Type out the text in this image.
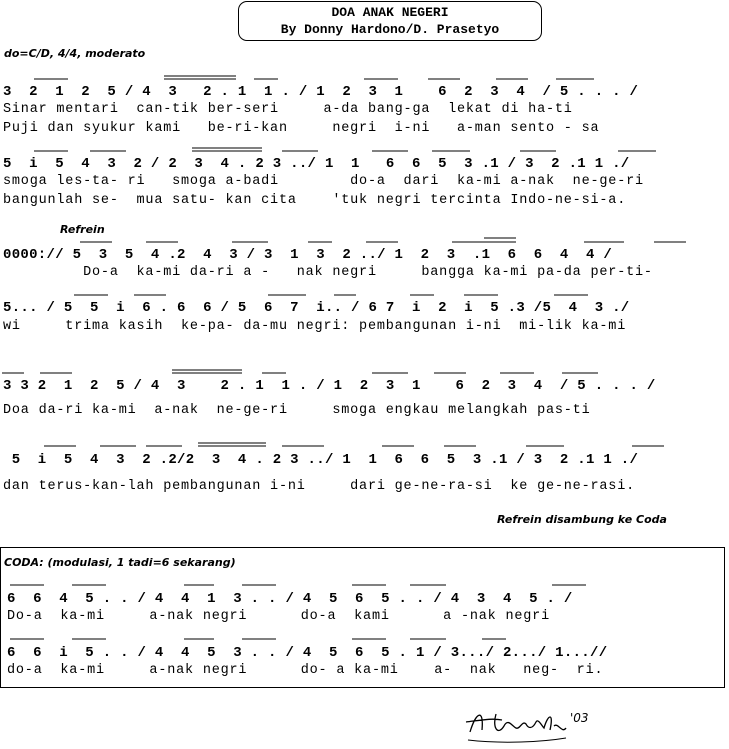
DOA ANAK NEGERI
By Donny Hardono/D. Prasetyo
do=C/D, 4/4, moderato
3  2  1  2  5 / 4  3   2 . 1  1 . / 1  2  3  1    6  2  3  4  / 5 . . . /
Sinar mentari  can-tik ber-seri     a-da bang-ga  lekat di ha-ti
Puji dan syukur kami   be-ri-kan     negri  i-ni   a-man sento - sa
5  i  5  4  3  2 / 2  3  4 . 2 3 ../ 1  1   6  6  5  3 .1 / 3  2 .1 1 ./
smoga les-ta- ri   smoga a-badi        do-a  dari  ka-mi a-nak  ne-ge-ri
bangunlah se-  mua satu- kan cita    'tuk negri tercinta Indo-ne-si-a.
Refrein
0000:// 5  3  5  4 .2  4  3 / 3  1  3  2 ../ 1  2  3  .1  6  6  4  4 /
Do-a  ka-mi da-ri a -   nak negri     bangga ka-mi pa-da per-ti-
5... / 5  5  i  6 . 6  6 / 5  6  7  i.. / 6 7  i  2  i  5 .3 /5  4  3 ./
wi     trima kasih  ke-pa- da-mu negri: pembangunan i-ni  mi-lik ka-mi
3 3 2  1  2  5 / 4  3    2 . 1  1 . / 1  2  3  1    6  2  3  4  / 5 . . . /
Doa da-ri ka-mi  a-nak  ne-ge-ri     smoga engkau melangkah pas-ti
5  i  5  4  3  2 .2/2  3  4 . 2 3 ../ 1  1  6  6  5  3 .1 / 3  2 .1 1 ./
dan terus-kan-lah pembangunan i-ni     dari ge-ne-ra-si  ke ge-ne-rasi.
Refrein disambung ke Coda
CODA: (modulasi, 1 tadi=6 sekarang)
6  6  4  5 . . / 4  4  1  3 . . / 4  5  6  5 . . / 4  3  4  5 . /
Do-a  ka-mi     a-nak negri      do-a  kami      a -nak negri
6  6  i  5 . . / 4  4  5  3 . . / 4  5  6  5 . 1 / 3.../ 2.../ 1...//
do-a  ka-mi     a-nak negri      do- a ka-mi    a-  nak   neg-  ri.
'03
